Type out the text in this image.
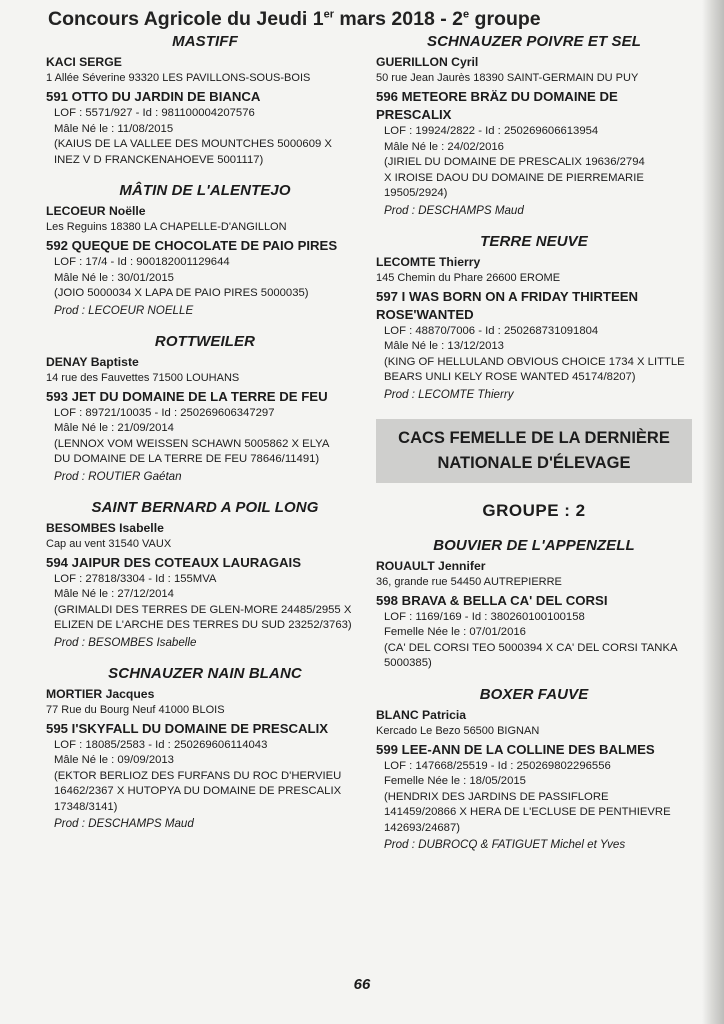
Concours Agricole du Jeudi 1er mars 2018 - 2e groupe
MASTIFF
KACI SERGE
1 Allée Séverine 93320 LES PAVILLONS-SOUS-BOIS
591 OTTO DU JARDIN DE BIANCA
LOF : 5571/927 - Id : 981100004207576
Mâle Né le : 11/08/2015
(KAIUS DE LA VALLEE DES MOUNTCHES 5000609 X
INEZ V D FRANCKENAHOEVE 5001117)
MÂTIN DE L'ALENTEJO
LECOEUR Noëlle
Les Reguins 18380 LA CHAPELLE-D'ANGILLON
592 QUEQUE DE CHOCOLATE DE PAIO PIRES
LOF : 17/4 - Id : 900182001129644
Mâle Né le : 30/01/2015
(JOIO 5000034 X LAPA DE PAIO PIRES 5000035)
Prod : LECOEUR NOELLE
ROTTWEILER
DENAY Baptiste
14 rue des Fauvettes 71500 LOUHANS
593 JET DU DOMAINE DE LA TERRE DE FEU
LOF : 89721/10035 - Id : 250269606347297
Mâle Né le : 21/09/2014
(LENNOX VOM WEISSEN SCHAWN 5005862 X ELYA
DU DOMAINE DE LA TERRE DE FEU 78646/11491)
Prod : ROUTIER Gaétan
SAINT BERNARD A POIL LONG
BESOMBES Isabelle
Cap au vent 31540 VAUX
594 JAIPUR DES COTEAUX LAURAGAIS
LOF : 27818/3304 - Id : 155MVA
Mâle Né le : 27/12/2014
(GRIMALDI DES TERRES DE GLEN-MORE 24485/2955 X
ELIZEN DE L'ARCHE DES TERRES DU SUD 23252/3763)
Prod : BESOMBES Isabelle
SCHNAUZER NAIN BLANC
MORTIER Jacques
77 Rue du Bourg Neuf 41000 BLOIS
595 I'SKYFALL DU DOMAINE DE PRESCALIX
LOF : 18085/2583 - Id : 250269606114043
Mâle Né le : 09/09/2013
(EKTOR BERLIOZ DES FURFANS DU ROC D'HERVIEU
16462/2367 X HUTOPYA DU DOMAINE DE PRESCALIX
17348/3141)
Prod : DESCHAMPS Maud
SCHNAUZER POIVRE ET SEL
GUERILLON Cyril
50 rue Jean Jaurès 18390 SAINT-GERMAIN DU PUY
596 METEORE BRÄZ DU DOMAINE DE PRESCALIX
LOF : 19924/2822 - Id : 250269606613954
Mâle Né le : 24/02/2016
(JIRIEL DU DOMAINE DE PRESCALIX 19636/2794
X IROISE DAOU DU DOMAINE DE PIERREMARIE
19505/2924)
Prod : DESCHAMPS Maud
TERRE NEUVE
LECOMTE Thierry
145 Chemin du Phare 26600 EROME
597 I WAS BORN ON A FRIDAY THIRTEEN ROSE'WANTED
LOF : 48870/7006 - Id : 250268731091804
Mâle Né le : 13/12/2013
(KING OF HELLULAND OBVIOUS CHOICE 1734 X LITTLE
BEARS UNLI KELY ROSE WANTED 45174/8207)
Prod : LECOMTE Thierry
CACS FEMELLE DE LA DERNIÈRE
NATIONALE D'ÉLEVAGE
GROUPE : 2
BOUVIER DE L'APPENZELL
ROUAULT Jennifer
36, grande rue 54450 AUTREPIERRE
598 BRAVA & BELLA CA' DEL CORSI
LOF : 1169/169 - Id : 380260100100158
Femelle Née le : 07/01/2016
(CA' DEL CORSI TEO 5000394 X CA' DEL CORSI TANKA
5000385)
BOXER FAUVE
BLANC Patricia
Kercado Le Bezo 56500 BIGNAN
599 LEE-ANN DE LA COLLINE DES BALMES
LOF : 147668/25519 - Id : 250269802296556
Femelle Née le : 18/05/2015
(HENDRIX DES JARDINS DE PASSIFLORE
141459/20866 X HERA DE L'ECLUSE DE PENTHIEVRE
142693/24687)
Prod : DUBROCQ & FATIGUET Michel et Yves
66
